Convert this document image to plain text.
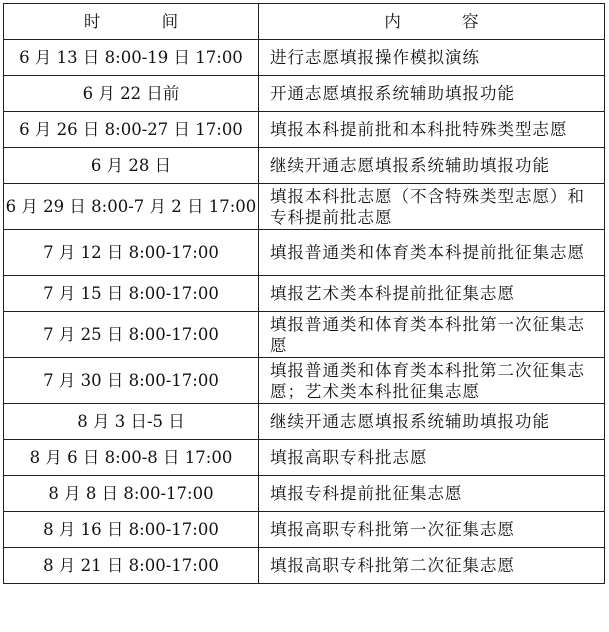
时 间	内 容
6 月 13 日 8:00-19 日 17:00	进行志愿填报操作模拟演练
6 月 22 日前	开通志愿填报系统辅助填报功能
6 月 26 日 8:00-27 日 17:00	填报本科提前批和本科批特殊类型志愿
6 月 28 日	继续开通志愿填报系统辅助填报功能
6 月 29 日 8:00-7 月 2 日 17:00	填报本科批志愿（不含特殊类型志愿）和专科提前批志愿
7 月 12 日 8:00-17:00	填报普通类和体育类本科提前批征集志愿
7 月 15 日 8:00-17:00	填报艺术类本科提前批征集志愿
7 月 25 日 8:00-17:00	填报普通类和体育类本科批第一次征集志愿
7 月 30 日 8:00-17:00	填报普通类和体育类本科批第二次征集志愿；艺术类本科批征集志愿
8 月 3 日-5 日	继续开通志愿填报系统辅助填报功能
8 月 6 日 8:00-8 日 17:00	填报高职专科批志愿
8 月 8 日 8:00-17:00	填报专科提前批征集志愿
8 月 16 日 8:00-17:00	填报高职专科批第一次征集志愿
8 月 21 日 8:00-17:00	填报高职专科批第二次征集志愿
